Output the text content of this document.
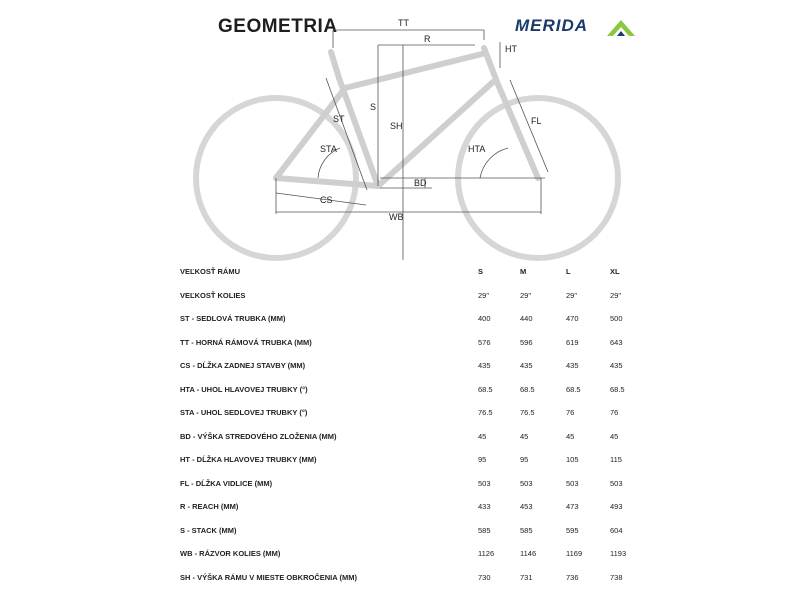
GEOMETRIA	MERIDA
TT
R
HT
S
ST
SH
STA
FL
HTA
BD
CS
WB
VEĽKOSŤ RÁMU	S	M	L	XL
VEĽKOSŤ KOLIES	29"	29"	29"	29"
ST - SEDLOVÁ TRUBKA (MM)	400	440	470	500
TT - HORNÁ RÁMOVÁ TRUBKA (MM)	576	596	619	643
CS - DĹŽKA ZADNEJ STAVBY (MM)	435	435	435	435
HTA - UHOL HLAVOVEJ TRUBKY (°)	68.5	68.5	68.5	68.5
STA - UHOL SEDLOVEJ TRUBKY (°)	76.5	76.5	76	76
BD - VÝŠKA STREDOVÉHO ZLOŽENIA (MM)	45	45	45	45
HT - DĹŽKA HLAVOVEJ TRUBKY (MM)	95	95	105	115
FL - DĹŽKA VIDLICE (MM)	503	503	503	503
R - REACH (MM)	433	453	473	493
S - STACK (MM)	585	585	595	604
WB - RÁZVOR KOLIES (MM)	1126	1146	1169	1193
SH - VÝŠKA RÁMU V MIESTE OBKROČENIA (MM)	730	731	736	738
